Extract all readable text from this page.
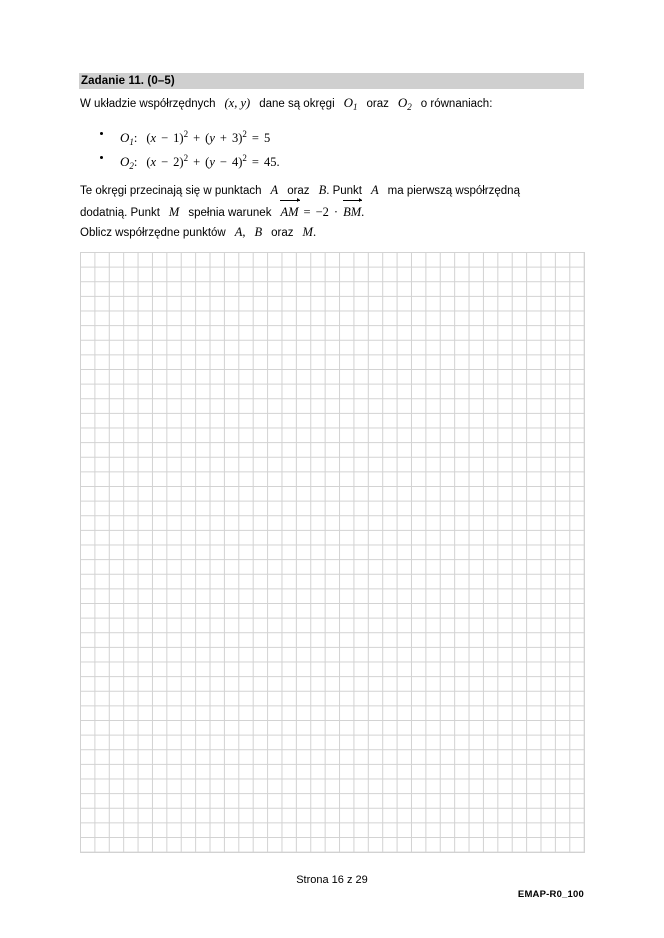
Zadanie 11. (0–5)
W układzie współrzędnych (x, y) dane są okręgi $O_1$ oraz $O_2$ o równaniach:
$O_1$: $(x - 1)^2 + (y + 3)^2 = 5$
$O_2$: $(x - 2)^2 + (y - 4)^2 = 45$.
Te okręgi przecinają się w punktach A oraz B. Punkt A ma pierwszą współrzędną
dodatnią. Punkt M spełnia warunek AM = −2 · BM.
Oblicz współrzędne punktów A, B oraz M.
Strona 16 z 29
EMAP-R0_100
